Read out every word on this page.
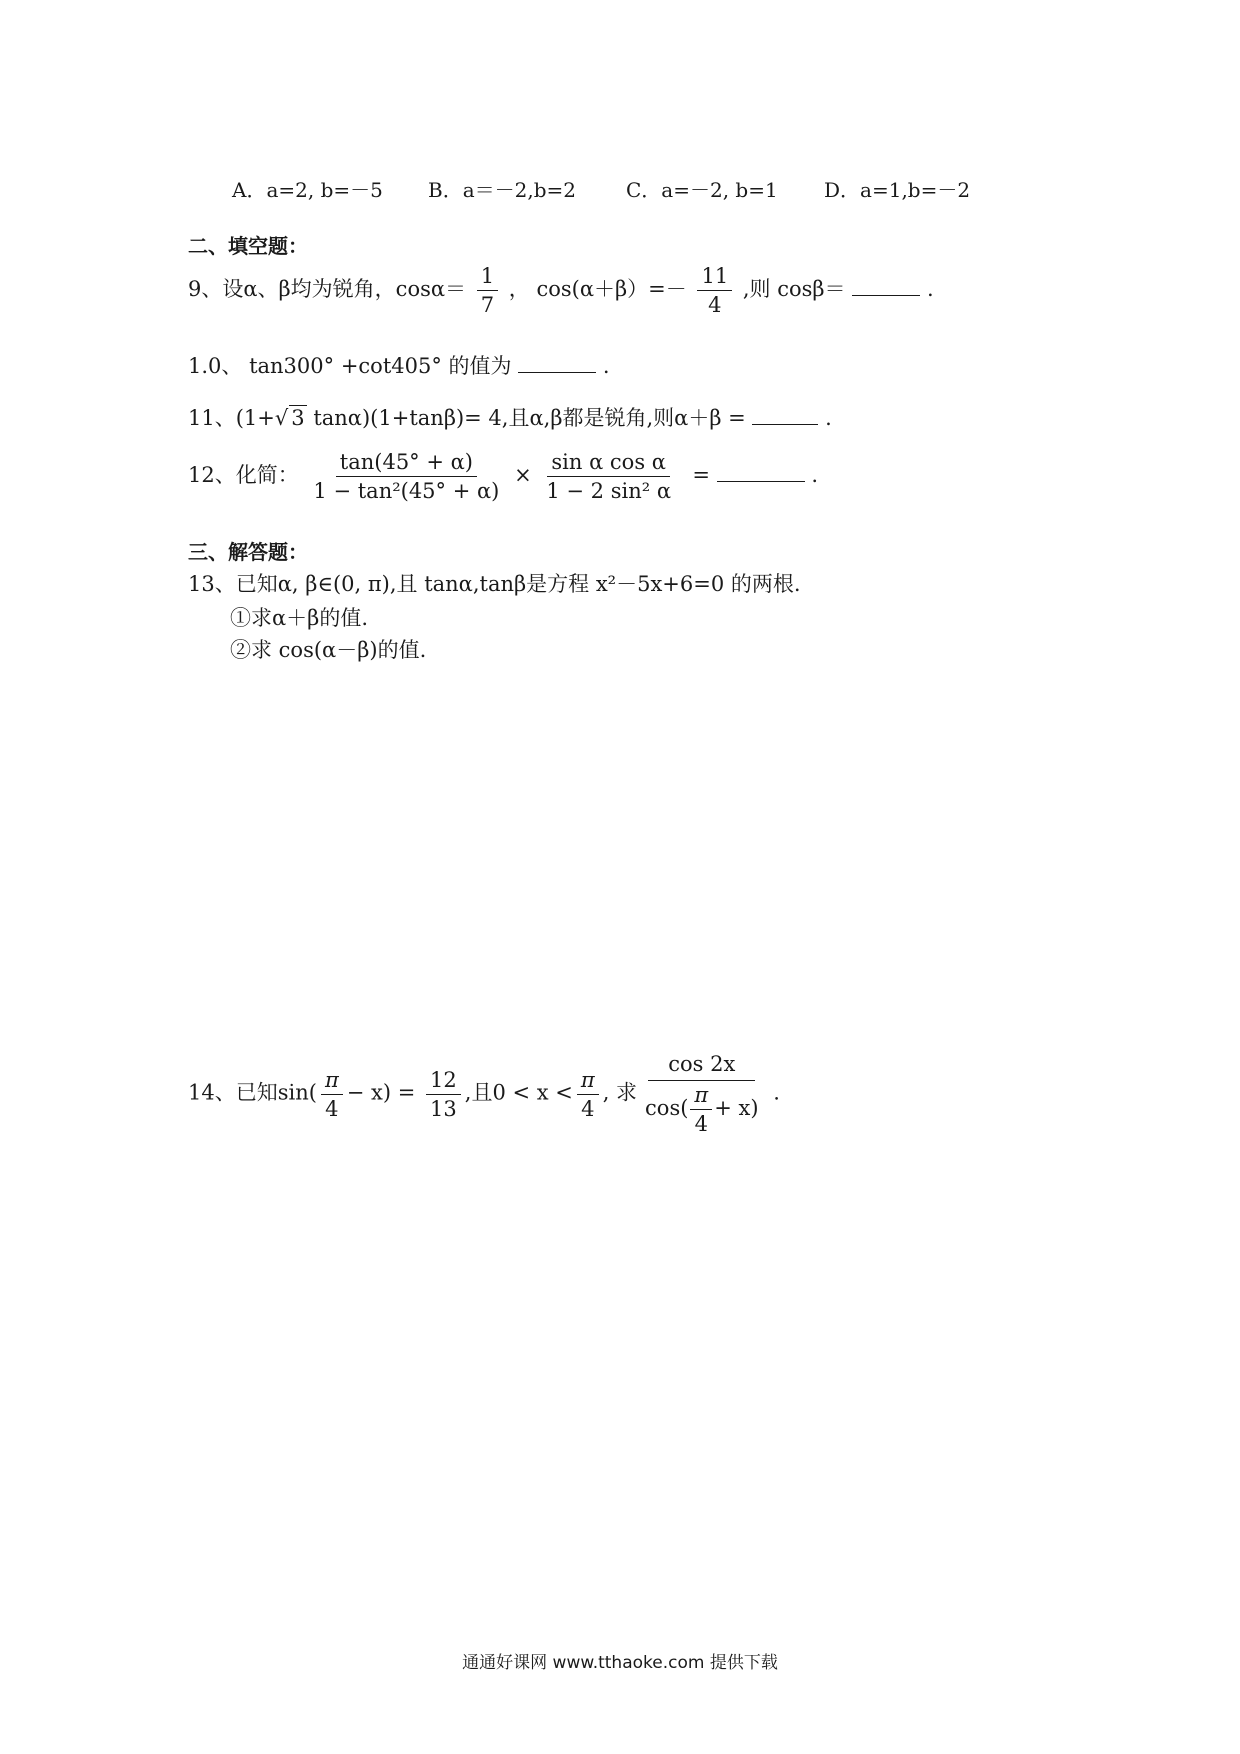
A．a=2, b=－5 B．a＝－2,b=2	C．a=－2, b=1 D．a=1,b=－2
二、填空题：
9、设α、β均为锐角，$\cos\alpha= \frac{1}{7}$ ， $\cos(\alpha+\beta)=- \frac{11}{4}$ ,则 cosβ＝	.
1.0、 tan300° +cot405° 的值为	.
11、(1+√ 3 tanα)(1+tanβ)= 4,且α,β都是锐角,则α＋β =	.
12、化简： $\frac{\tan(45^\circ + \alpha)}{\text{1 − tan²(45° + α)}} \times \frac{\text{sin α cos α}}{\text{1 − 2 sin² α}}$ =	.
三、解答题：
13、已知α, β∈(0, π),且 tanα,tanβ是方程 x²－5x+6=0 的两根.
①求α＋β的值.
②求 cos(α－β)的值.
14、已知$\sin( \frac{\pi}{4} - x) = \frac{12}{13}$ ,且$0 < x < \frac{\pi}{4}$ , 求 $\frac{\cos 2x}{\cos( \frac{\pi}{4} + x)}$ .
通通好课网 www.tthaoke.com 提供下载
